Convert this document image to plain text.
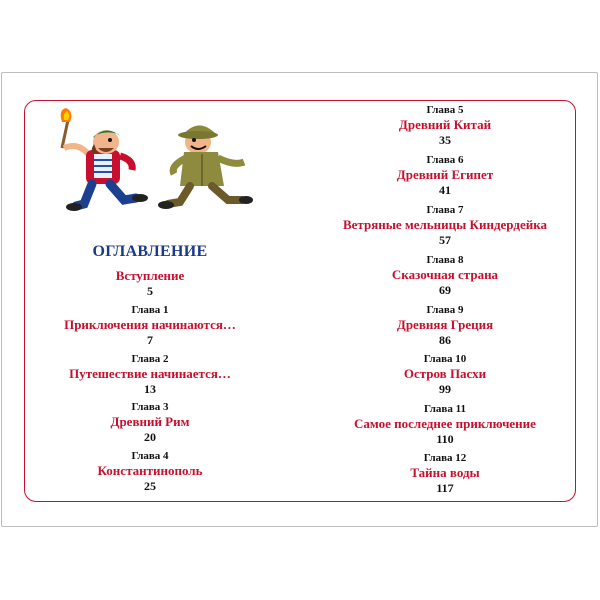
ОГЛАВЛЕНИЕ
Вступление
5
Глава 1
Приключения начинаются…
7
Глава 2
Путешествие начинается…
13
Глава 3
Древний Рим
20
Глава 4
Константинополь
25
Глава 5
Древний Китай
35
Глава 6
Древний Египет
41
Глава 7
Ветряные мельницы Киндердейка
57
Глава 8
Сказочная страна
69
Глава 9
Древняя Греция
86
Глава 10
Остров Пасхи
99
Глава 11
Самое последнее приключение
110
Глава 12
Тайна воды
117
